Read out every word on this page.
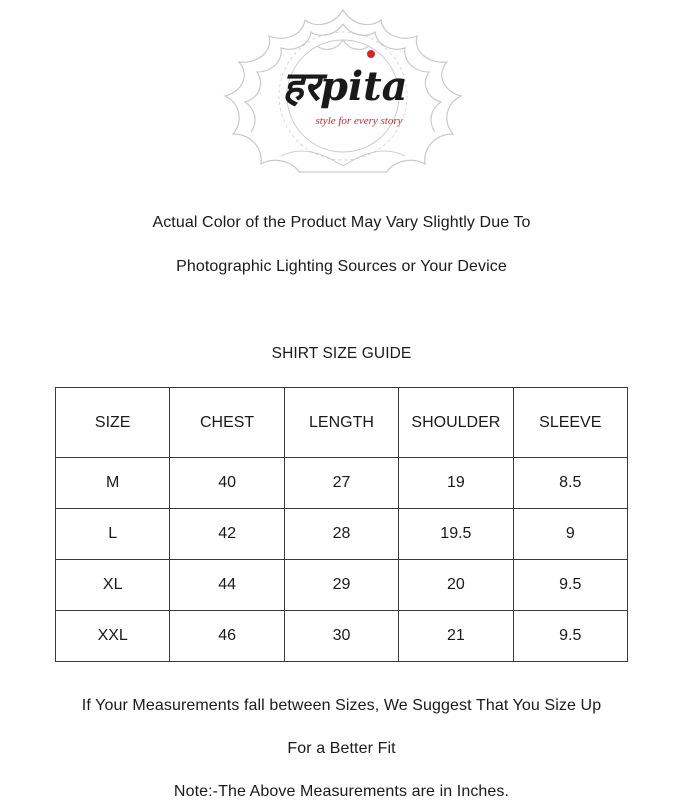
हरpita
style for every story
Actual Color of the Product May Vary Slightly Due To
Photographic Lighting Sources or Your Device
SHIRT SIZE GUIDE
SIZE	CHEST	LENGTH	SHOULDER	SLEEVE
M	40	27	19	8.5
L	42	28	19.5	9
XL	44	29	20	9.5
XXL	46	30	21	9.5
If Your Measurements fall between Sizes, We Suggest That You Size Up
For a Better Fit
Note:-The Above Measurements are in Inches.
